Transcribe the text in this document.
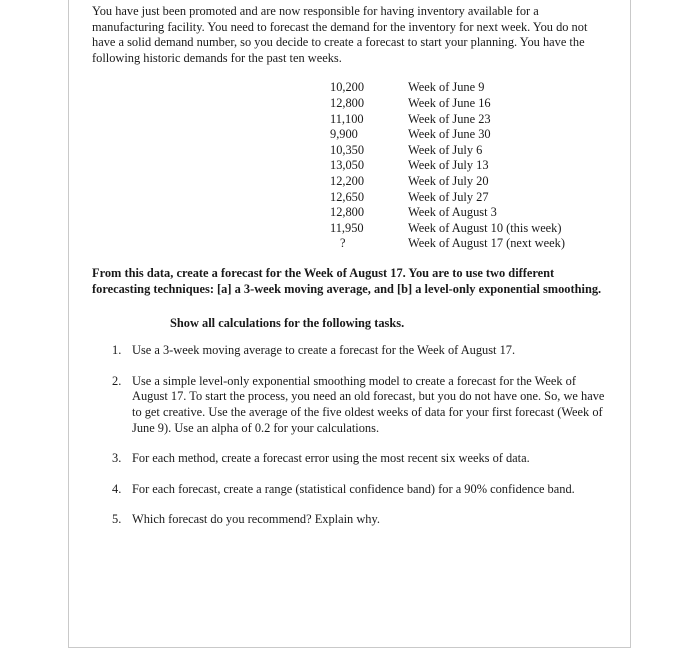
You have just been promoted and are now responsible for having inventory available for a manufacturing facility. You need to forecast the demand for the inventory for next week. You do not have a solid demand number, so you decide to create a forecast to start your planning. You have the following historic demands for the past ten weeks.

10,200
12,800
11,100
9,900
10,350
13,050
12,200
12,650
12,800
11,950
?
Week of June 9
Week of June 16
Week of June 23
Week of June 30
Week of July 6
Week of July 13
Week of July 20
Week of July 27
Week of August 3
Week of August 10 (this week)
Week of August 17 (next week)

From this data, create a forecast for the Week of August 17. You are to use two different forecasting techniques: [a] a 3-week moving average, and [b] a level-only exponential smoothing.

Show all calculations for the following tasks.

1. Use a 3-week moving average to create a forecast for the Week of August 17.
2. Use a simple level-only exponential smoothing model to create a forecast for the Week of August 17. To start the process, you need an old forecast, but you do not have one. So, we have to get creative. Use the average of the five oldest weeks of data for your first forecast (Week of June 9). Use an alpha of 0.2 for your calculations.
3. For each method, create a forecast error using the most recent six weeks of data.
4. For each forecast, create a range (statistical confidence band) for a 90% confidence band.
5. Which forecast do you recommend? Explain why.
